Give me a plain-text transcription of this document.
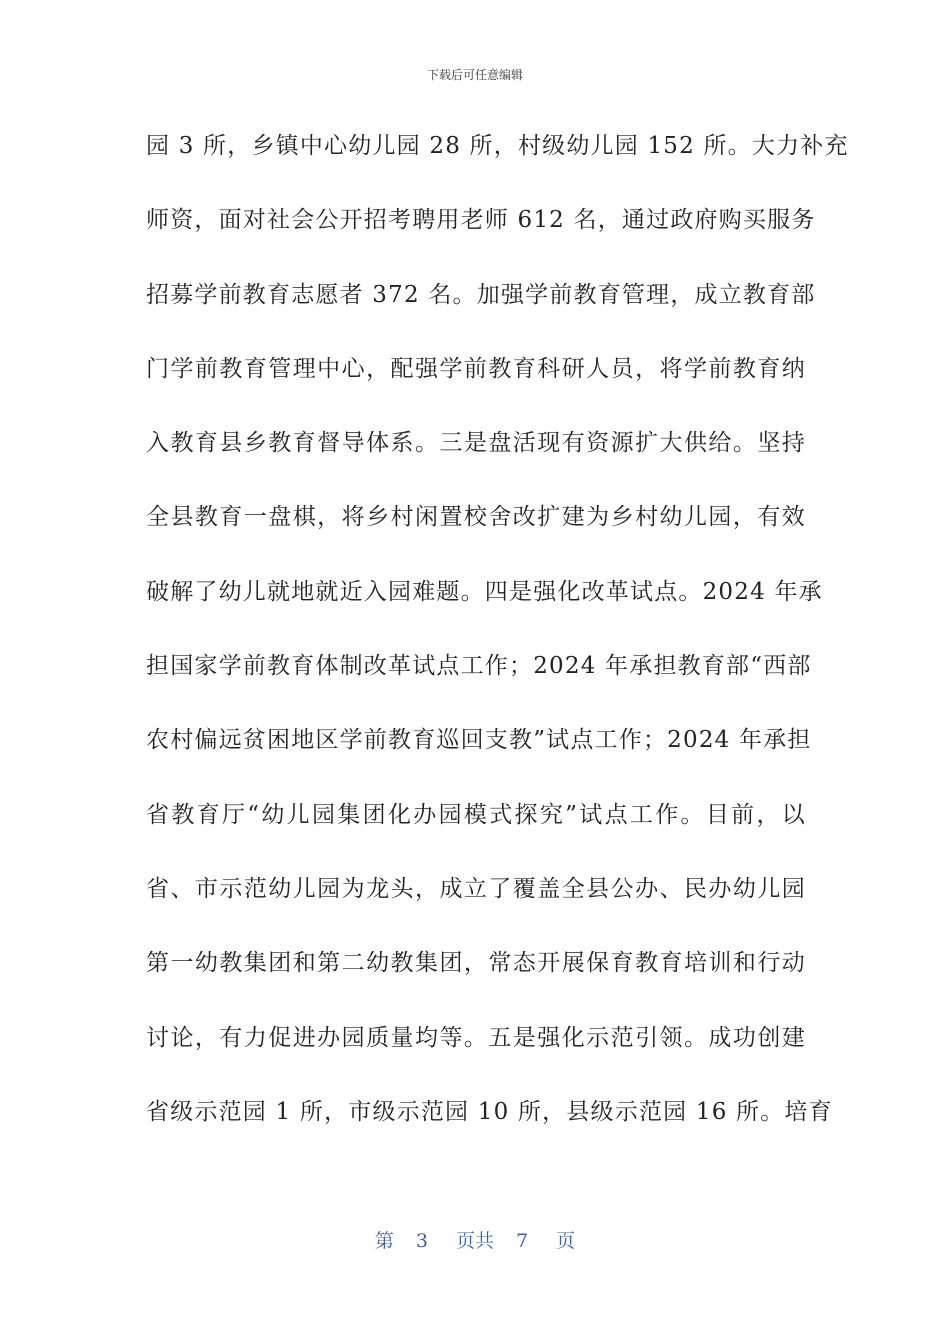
下载后可任意编辑
园 3 所，乡镇中心幼儿园 28 所，村级幼儿园 152 所。大力补充
师资，面对社会公开招考聘用老师 612 名，通过政府购买服务
招募学前教育志愿者 372 名。加强学前教育管理，成立教育部
门学前教育管理中心，配强学前教育科研人员，将学前教育纳
入教育县乡教育督导体系。三是盘活现有资源扩大供给。坚持
全县教育一盘棋，将乡村闲置校舍改扩建为乡村幼儿园，有效
破解了幼儿就地就近入园难题。四是强化改革试点。2024 年承
担国家学前教育体制改革试点工作；2024 年承担教育部“西部
农村偏远贫困地区学前教育巡回支教”试点工作；2024 年承担
省教育厅“幼儿园集团化办园模式探究”试点工作。目前，以
省、市示范幼儿园为龙头，成立了覆盖全县公办、民办幼儿园
第一幼教集团和第二幼教集团，常态开展保育教育培训和行动
讨论，有力促进办园质量均等。五是强化示范引领。成功创建
省级示范园 1 所，市级示范园 10 所，县级示范园 16 所。培育
第 3 页共 7 页
